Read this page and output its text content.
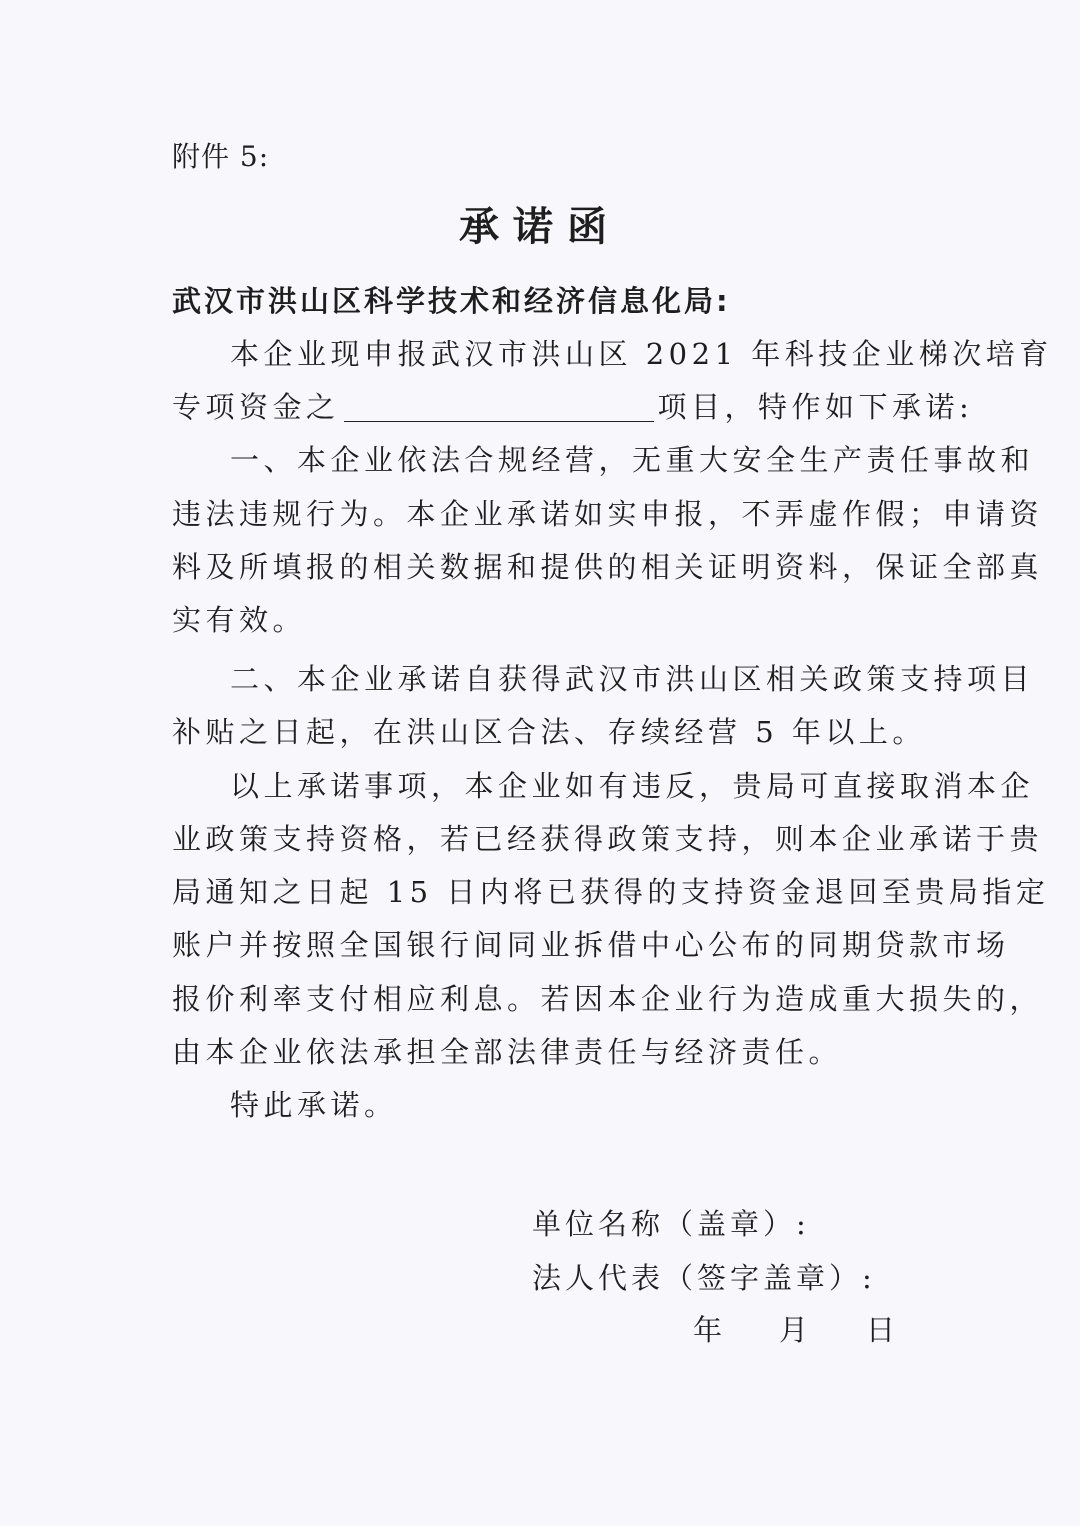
附件 5:
承诺函
武汉市洪山区科学技术和经济信息化局:
本企业现申报武汉市洪山区 2021 年科技企业梯次培育
专项资金之	项目，特作如下承诺:
一、本企业依法合规经营，无重大安全生产责任事故和
违法违规行为。本企业承诺如实申报，不弄虚作假；申请资
料及所填报的相关数据和提供的相关证明资料，保证全部真
实有效。
二、本企业承诺自获得武汉市洪山区相关政策支持项目
补贴之日起，在洪山区合法、存续经营 5 年以上。
以上承诺事项，本企业如有违反，贵局可直接取消本企
业政策支持资格，若已经获得政策支持，则本企业承诺于贵
局通知之日起 15 日内将已获得的支持资金退回至贵局指定
账户并按照全国银行间同业拆借中心公布的同期贷款市场
报价利率支付相应利息。若因本企业行为造成重大损失的，
由本企业依法承担全部法律责任与经济责任。
特此承诺。
单位名称（盖章）:
法人代表（签字盖章）:
年 月 日
